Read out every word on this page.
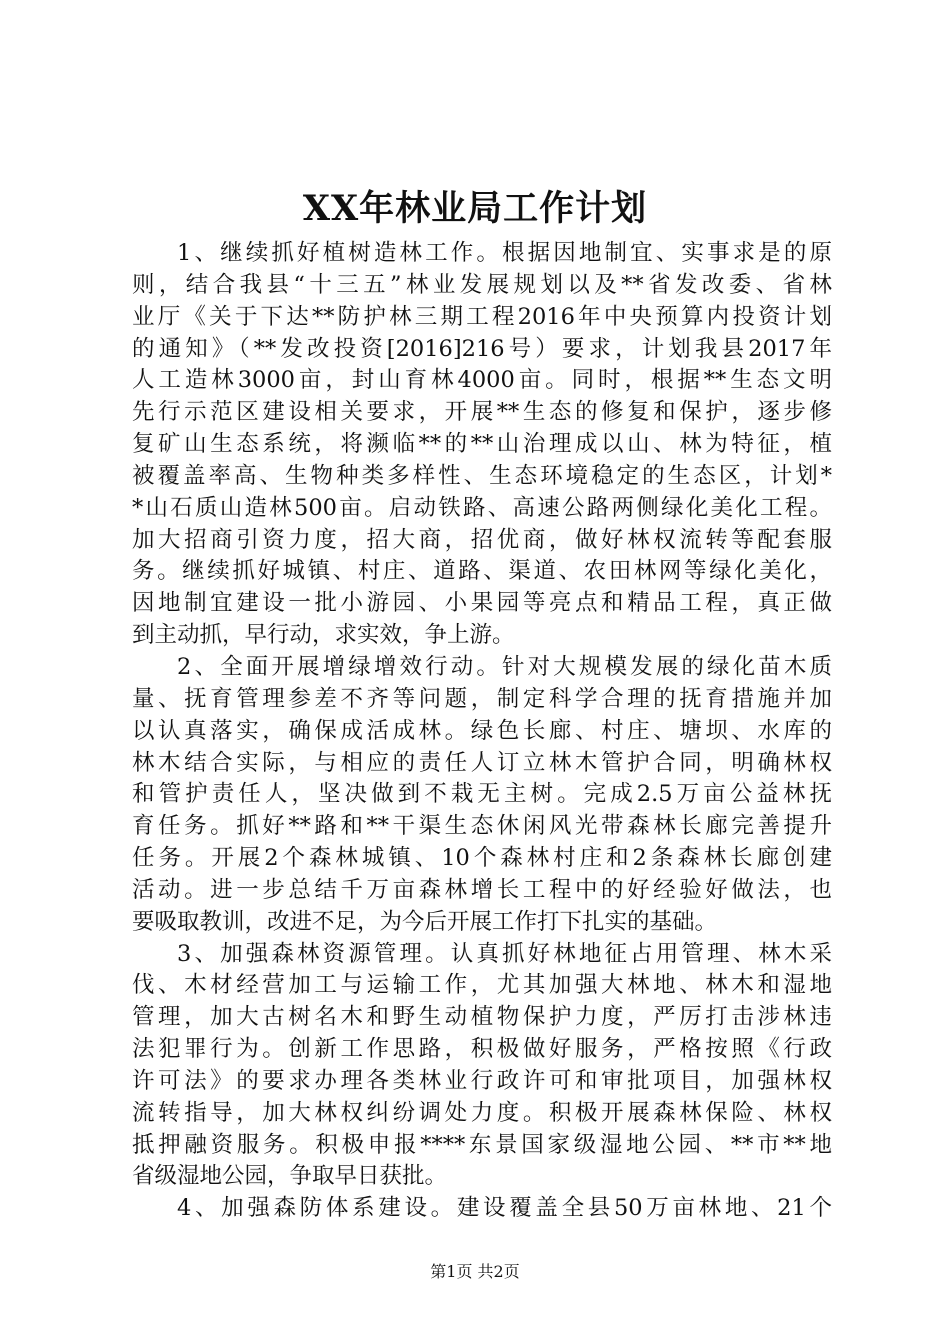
XX年林业局工作计划
1、继续抓好植树造林工作。根据因地制宜、实事求是的原
则，结合我县“十三五”林业发展规划以及**省发改委、省林
业厅《关于下达**防护林三期工程2016年中央预算内投资计划
的通知》（**发改投资[2016]216号）要求，计划我县2017年
人工造林3000亩，封山育林4000亩。同时，根据**生态文明
先行示范区建设相关要求，开展**生态的修复和保护，逐步修
复矿山生态系统，将濒临**的**山治理成以山、林为特征，植
被覆盖率高、生物种类多样性、生态环境稳定的生态区，计划*
*山石质山造林500亩。启动铁路、高速公路两侧绿化美化工程。
加大招商引资力度，招大商，招优商，做好林权流转等配套服
务。继续抓好城镇、村庄、道路、渠道、农田林网等绿化美化，
因地制宜建设一批小游园、小果园等亮点和精品工程，真正做
到主动抓，早行动，求实效，争上游。
2、全面开展增绿增效行动。针对大规模发展的绿化苗木质
量、抚育管理参差不齐等问题，制定科学合理的抚育措施并加
以认真落实，确保成活成林。绿色长廊、村庄、塘坝、水库的
林木结合实际，与相应的责任人订立林木管护合同，明确林权
和管护责任人，坚决做到不栽无主树。完成2.5万亩公益林抚
育任务。抓好**路和**干渠生态休闲风光带森林长廊完善提升
任务。开展2个森林城镇、10个森林村庄和2条森林长廊创建
活动。进一步总结千万亩森林增长工程中的好经验好做法，也
要吸取教训，改进不足，为今后开展工作打下扎实的基础。
3、加强森林资源管理。认真抓好林地征占用管理、林木采
伐、木材经营加工与运输工作，尤其加强大林地、林木和湿地
管理，加大古树名木和野生动植物保护力度，严厉打击涉林违
法犯罪行为。创新工作思路，积极做好服务，严格按照《行政
许可法》的要求办理各类林业行政许可和审批项目，加强林权
流转指导，加大林权纠纷调处力度。积极开展森林保险、林权
抵押融资服务。积极申报****东景国家级湿地公园、**市**地
省级湿地公园，争取早日获批。
4、加强森防体系建设。建设覆盖全县50万亩林地、21个
第1页 共2页
